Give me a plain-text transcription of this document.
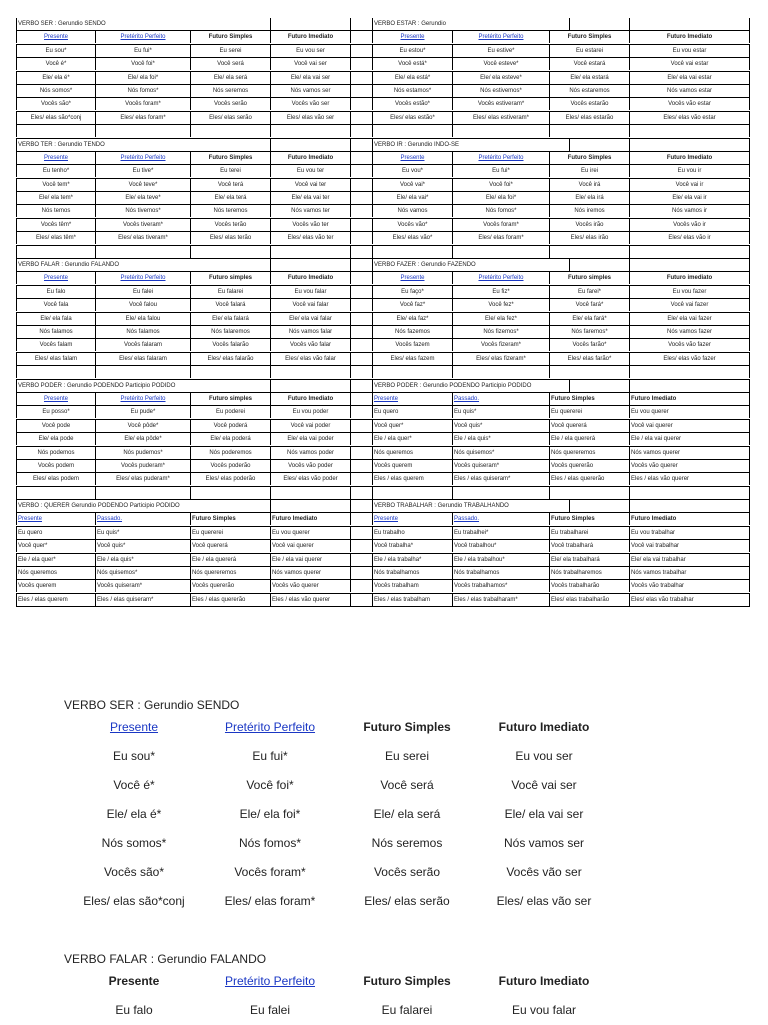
VERBO SER : Gerundio SENDO	VERBO ESTAR : Gerundio
Presente	Pretérito Perfeito	Futuro Simples	Futuro Imediato	Presente	Pretérito Perfeito	Futuro Simples	Futuro Imediato
Eu sou*	Eu fui*	Eu serei	Eu vou ser	Eu estou*	Eu estive*	Eu estarei	Eu vou estar
Você é*	Você foi*	Você será	Você vai ser	Você está*	Você esteve*	Você estará	Você vai estar
Ele/ ela é*	Ele/ ela foi*	Ele/ ela será	Ele/ ela vai ser	Ele/ ela está*	Ele/ ela esteve*	Ele/ ela estará	Ele/ ela vai estar
Nós somos*	Nós fomos*	Nós seremos	Nós vamos ser	Nós estamos*	Nós estivemos*	Nós estaremos	Nós vamos estar
Vocês são*	Vocês foram*	Vocês serão	Vocês vão ser	Vocês estão*	Vocês estiveram*	Vocês estarão	Vocês vão estar
Eles/ elas são*conj	Eles/ elas foram*	Eles/ elas serão	Eles/ elas vão ser	Eles/ elas estão*	Eles/ elas estiveram*	Eles/ elas estarão	Eles/ elas vão estar
VERBO TER : Gerundio TENDO	VERBO IR : Gerundio INDO-SE
Presente	Pretérito Perfeito	Futuro Simples	Futuro Imediato	Presente	Pretérito Perfeito	Futuro Simples	Futuro Imediato
Eu tenho*	Eu tive*	Eu terei	Eu vou ter	Eu vou*	Eu fui*	Eu irei	Eu vou ir
Você tem*	Você teve*	Você terá	Você vai ter	Você vai*	Você foi*	Você irá	Você vai ir
Ele/ ela tem*	Ele/ ela teve*	Ele/ ela terá	Ele/ ela vai ter	Ele/ ela vai*	Ele/ ela foi*	Ele/ ela irá	Ele/ ela vai ir
Nós temos	Nós tivemos*	Nós teremos	Nós vamos ter	Nós vamos	Nós fomos*	Nós iremos	Nós vamos ir
Vocês têm*	Vocês tiveram*	Vocês terão	Vocês vão ter	Vocês vão*	Vocês foram*	Vocês irão	Vocês vão ir
Eles/ elas têm*	Eles/ elas tiveram*	Eles/ elas terão	Eles/ elas vão ter	Eles/ elas vão*	Eles/ elas foram*	Eles/ elas irão	Eles/ elas vão ir
VERBO FALAR : Gerundio FALANDO	VERBO FAZER : Gerundio FAZENDO
Presente	Pretérito Perfeito	Futuro simples	Futuro Imediato	Presente	Pretérito Perfeito	Futuro simples	Futuro imediato
Eu falo	Eu falei	Eu falarei	Eu vou falar	Eu faço*	Eu fiz*	Eu farei*	Eu vou fazer
Você fala	Você falou	Você falará	Você vai falar	Você faz*	Você fez*	Você fará*	Você vai fazer
Ele/ ela fala	Ele/ ela falou	Ele/ ela falará	Ele/ ela vai falar	Ele/ ela faz*	Ele/ ela fez*	Ele/ ela fará*	Ele/ ela vai fazer
Nós falamos	Nós falamos	Nós falaremos	Nós vamos falar	Nós fazemos	Nós fizemos*	Nós faremos*	Nós vamos fazer
Vocês falam	Vocês falaram	Vocês falarão	Vocês vão falar	Vocês fazem	Vocês fizeram*	Vocês farão*	Vocês vão fazer
Eles/ elas falam	Eles/ elas falaram	Eles/ elas falarão	Eles/ elas vão falar	Eles/ elas fazem	Eles/ elas fizeram*	Eles/ elas farão*	Eles/ elas vão fazer
VERBO PODER : Gerundio PODENDO Participio PODIDO	VERBO PODER : Gerundio PODENDO Participio PODIDO
Presente	Pretérito Perfeito	Futuro simples	Futuro Imediato	Presente	Passado.	Futuro Simples	Futuro Imediato
Eu posso*	Eu pude*	Eu poderei	Eu vou poder	Eu quero	Eu quis*	Eu quererei	Eu vou querer
Você pode	Você pôde*	Você poderá	Você vai poder	Você quer*	Você quis*	Você quererá	Você vai querer
Ele/ ela pode	Ele/ ela pôde*	Ele/ ela poderá	Ele/ ela vai poder	Ele / ela quer*	Ele / ela quis*	Ele / ela quererá	Ele / ela vai querer
Nós podemos	Nós pudemos*	Nós poderemos	Nós vamos poder	Nós queremos	Nós quisemos*	Nós quereremos	Nós vamos querer
Vocês podem	Vocês puderam*	Vocês poderão	Vocês vão poder	Vocês querem	Vocês quiseram*	Vocês quererão	Vocês vão querer
Eles/ elas podem	Eles/ elas puderam*	Eles/ elas poderão	Eles/ elas vão poder	Eles / elas querem	Eles / elas quiseram*	Eles / elas quererão	Eles / elas vão querer
VERBO : QUERER Gerundio PODENDO Participio PODIDO	VERBO TRABALHAR : Gerundio TRABALHANDO
Presente	Passado.	Futuro Simples	Futuro Imediato	Presente	Passado.	Futuro Simples	Futuro Imediato
Eu quero	Eu quis*	Eu quererei	Eu vou querer	Eu trabalho	Eu trabalhei*	Eu trabalharei	Eu vou trabalhar
Você quer*	Você quis*	Você quererá	Você vai querer	Você trabalha*	Você trabalhou*	Você trabalhará	Você vai trabalhar
Ele / ela quer*	Ele / ela quis*	Ele / ela quererá	Ele / ela vai querer	Ele / ela trabalha*	Ele / ela trabalhou*	Ele/ ela trabalhará	Ele/ ela vai trabalhar
Nós queremos	Nós quisemos*	Nós quereremos	Nós vamos querer	Nós trabalhamos	Nós trabalhamos	Nós trabalharemos	Nós vamos trabalhar
Vocês querem	Vocês quiseram*	Vocês quererão	Vocês vão querer	Vocês trabalham	Vocês trabalhamos*	Vocês trabalharão	Vocês vão trabalhar
Eles / elas querem	Eles / elas quiseram*	Eles / elas quererão	Eles / elas vão querer	Eles / elas trabalham	Eles / elas trabalharam*	Eles/ elas trabalharão	Eles/ elas vão trabalhar
VERBO SER : Gerundio SENDO
Presente	Pretérito Perfeito	Futuro Simples	Futuro Imediato
Eu sou*	Eu fui*	Eu serei	Eu vou ser
Você é*	Você foi*	Você será	Você vai ser
Ele/ ela é*	Ele/ ela foi*	Ele/ ela será	Ele/ ela vai ser
Nós somos*	Nós fomos*	Nós seremos	Nós vamos ser
Vocês são*	Vocês foram*	Vocês serão	Vocês vão ser
Eles/ elas são*conj	Eles/ elas foram*	Eles/ elas serão	Eles/ elas vão ser
VERBO FALAR : Gerundio FALANDO
Presente	Pretérito Perfeito	Futuro Simples	Futuro Imediato
Eu falo	Eu falei	Eu falarei	Eu vou falar
